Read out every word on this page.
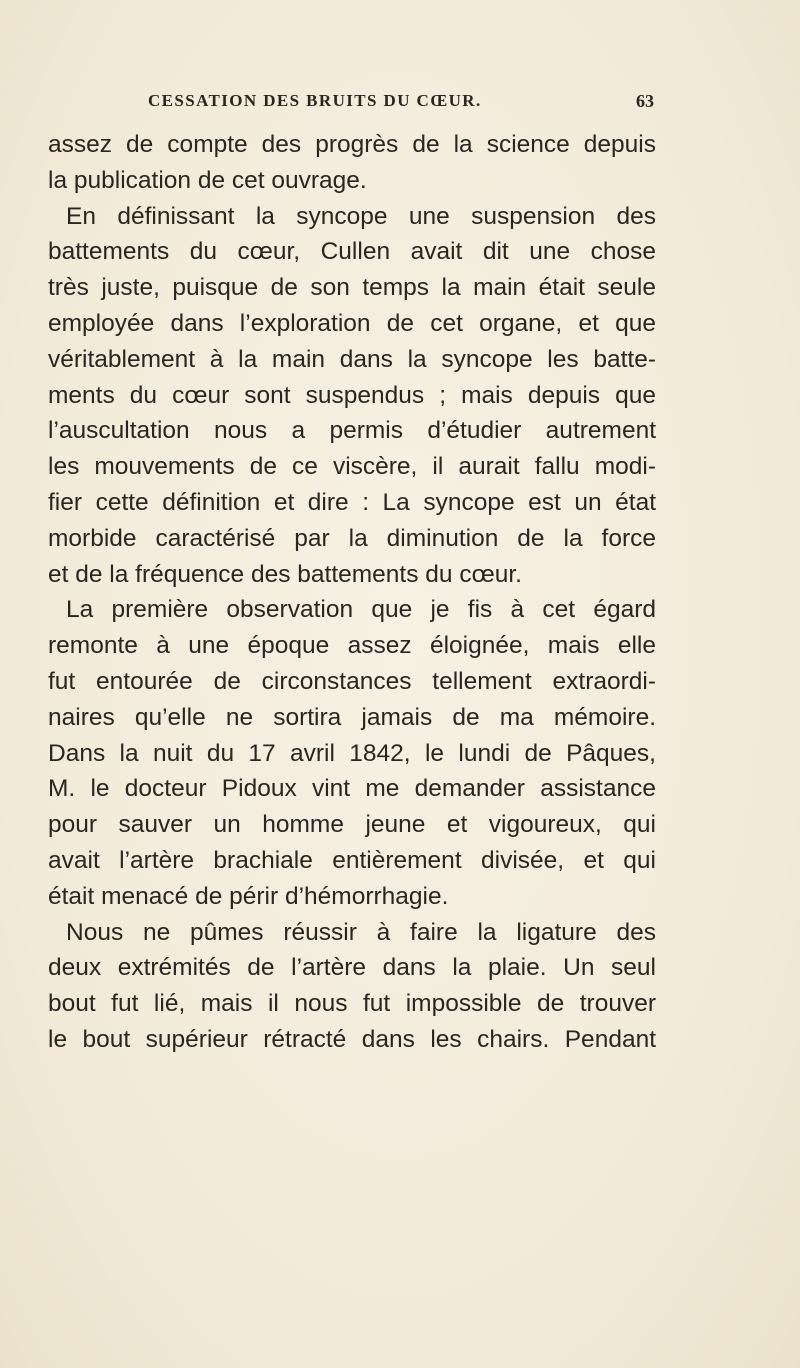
CESSATION DES BRUITS DU CŒUR.	63
assez de compte des progrès de la science depuis
la publication de cet ouvrage.
En définissant la syncope une suspension des
battements du cœur, Cullen avait dit une chose
très juste, puisque de son temps la main était seule
employée dans l’exploration de cet organe, et que
véritablement à la main dans la syncope les batte-
ments du cœur sont suspendus ; mais depuis que
l’auscultation nous a permis d’étudier autrement
les mouvements de ce viscère, il aurait fallu modi-
fier cette définition et dire : La syncope est un état
morbide caractérisé par la diminution de la force
et de la fréquence des battements du cœur.
La première observation que je fis à cet égard
remonte à une époque assez éloignée, mais elle
fut entourée de circonstances tellement extraordi-
naires qu’elle ne sortira jamais de ma mémoire.
Dans la nuit du 17 avril 1842, le lundi de Pâques,
M. le docteur Pidoux vint me demander assistance
pour sauver un homme jeune et vigoureux, qui
avait l’artère brachiale entièrement divisée, et qui
était menacé de périr d’hémorrhagie.
Nous ne pûmes réussir à faire la ligature des
deux extrémités de l’artère dans la plaie. Un seul
bout fut lié, mais il nous fut impossible de trouver
le bout supérieur rétracté dans les chairs. Pendant
